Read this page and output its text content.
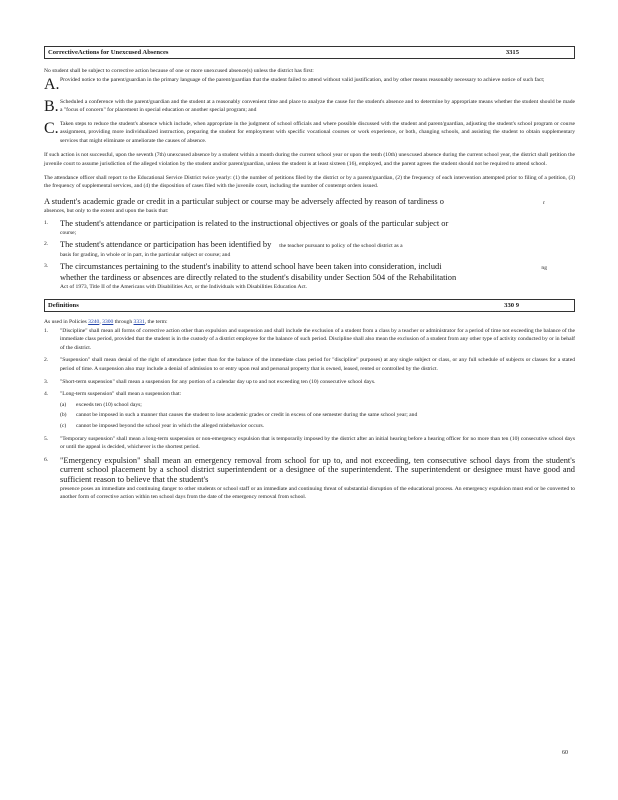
CorrectiveActions for Unexcused Absences	3315

No student shall be subject to corrective action because of one or more unexcused absence(s) unless the district has first:

A. Provided notice to the parent/guardian in the primary language of the parent/guardian that the student failed to attend without valid justification, and by other means reasonably necessary to achieve notice of such fact;

B. Scheduled a conference with the parent/guardian and the student at a reasonably convenient time and place to analyze the cause for the student's absence and to determine by appropriate means whether the student should be made a "focus of concern" for placement in special education or another special program; and

C. Taken steps to reduce the student's absence which include, when appropriate in the judgment of school officials and where possible discussed with the student and parent/guardian, adjusting the student's school program or course assignment, providing more individualized instruction, preparing the student for employment with specific vocational courses or work experience, or both, changing schools, and assisting the student to obtain supplementary services that might eliminate or ameliorate the causes of absence.

If such action is not successful, upon the seventh (7th) unexcused absence by a student within a month during the current school year or upon the tenth (10th) unexcused absence during the current school year, the district shall petition the juvenile court to assume jurisdiction of the alleged violation by the student and/or parent/guardian, unless the student is at least sixteen (16), employed, and the parent agrees the student should not be required to attend school.

The attendance officer shall report to the Educational Service District twice yearly: (1) the number of petitions filed by the district or by a parent/guardian, (2) the frequency of each intervention attempted prior to filing of a petition, (3) the frequency of supplemental services, and (4) the disposition of cases filed with the juvenile court, including the number of contempt orders issued.

A student's academic grade or credit in a particular subject or course may be adversely affected by reason of tardiness o	r

absences, but only to the extent and upon the basis that:

1.	The student's attendance or participation is related to the instructional objectives or goals of the particular subject or
course;
2.	The student's attendance or participation has been identified by the teacher pursuant to policy of the school district as a
basis for grading, in whole or in part, in the particular subject or course; and
3.	The circumstances pertaining to the student's inability to attend school have been taken into consideration, includi	ng
whether the tardiness or absences are directly related to the student's disability under Section 504 of the Rehabilitation
Act of 1973, Title II of the Americans with Disabilities Act, or the Individuals with Disabilities Education Act.
Definitions	330 9

As used in Policies 3240, 3300 through 3331, the term:

1.	"Discipline" shall mean all forms of corrective action other than expulsion and suspension and shall include the exclusion of a student from a class by a teacher or administrator for a period of time not exceeding the balance of the immediate class period, provided that the student is in the custody of a district employee for the balance of such period. Discipline shall also mean the exclusion of a student from any other type of activity conducted by or in behalf of the district.

2.	"Suspension" shall mean denial of the right of attendance (other than for the balance of the immediate class period for "discipline" purposes) at any single subject or class, or any full schedule of subjects or classes for a stated period of time. A suspension also may include a denial of admission to or entry upon real and personal property that is owned, leased, rented or controlled by the district.

3.	"Short-term suspension" shall mean a suspension for any portion of a calendar day up to and not exceeding ten (10) consecutive school days.

4.	"Long-term suspension" shall mean a suspension that:

(a)	exceeds ten (10) school days;

(b)	cannot be imposed in such a manner that causes the student to lose academic grades or credit in excess of one semester during the same school year; and

(c)	cannot be imposed beyond the school year in which the alleged misbehavior occurs.

5.	"Temporary suspension" shall mean a long-term suspension or non-emergency expulsion that is temporarily imposed by the district after an initial hearing before a hearing officer for no more than ten (10) consecutive school days or until the appeal is decided, whichever is the shortest period.

6.	"Emergency expulsion" shall mean an emergency removal from school for up to, and not exceeding, ten consecutive school days from the student's current school placement by a school district superintendent or a designee of the superintendent. The superintendent or designee must have good and sufficient reason to believe that the student's
presence poses an immediate and continuing danger to other students or school staff or an immediate and continuing threat of substantial disruption of the educational process. An emergency expulsion must end or be converted to another form of corrective action within ten school days from the date of the emergency removal from school.
60
